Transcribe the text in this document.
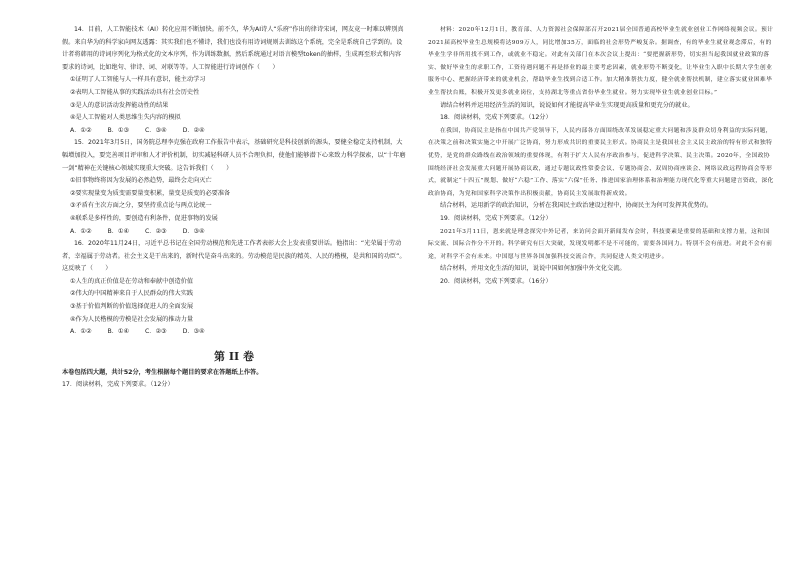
14．目前，人工智能技术（AI）转化应用不断加快。前不久，华为AI诗人“乐府”作出的律诗宋词，网友竟一时难以辨别真假。来自华为的科学家向网友透露：其实我们也不懂诗，我们也没有用诗词规则去训练这个系统，完全是系统自己学到的。设计者将韩用的诗词序列化为格式化的文本序列，作为训练数据，然后系统通过对语言模型token的抽样，生成再至形式和内容要求的诗词，比如绝句、律诗、词、对联等等。人工智能进行诗词创作（　　）

①证明了人工智能与人一样具有意识，能主动学习

②表明人工智能从事的实践活动具有社会历史性

③是人的意识活动发挥能动性的结果

④是人工智能对人类思维生失内容的模拟

A．①②	B．①③	C．③④	D．②④

15．2021年3月5日，国务院总理李克强在政府工作报告中表示，基础研究是科技创新的源头，要健全稳定支持机制，大幅增加投入，要完善项目评审和人才评价机制，切实减轻科研人员不合理负担，使他们能够潜下心来致力科学探索，以“十年磨一剑”精神在关键核心领域实现重大突破。这告诉我们（　　）

①旧事物终将因为发展的必然趋势，最终会走向灭亡

②要实现量变为质变需要量变积累，量变是质变的必要准备

③矛盾有主次方面之分，要坚持重点论与两点论统一

④联系是多样性的，要创造有利条件，促进事物的发展

A．①②	B．①④	C．②③	D．③④

16．2020年11月24日，习近平总书记在全国劳动模范和先进工作者表彰大会上发表重要讲话。他指出：“光荣属于劳动者，幸福属于劳动者。社会主义是干出来的，新时代是奋斗出来的。劳动模范是民族的精英、人民的楷模，是共和国的功臣”。这反映了（　　）

①人生的真正价值是在劳动和奉献中创造价值

②伟大的中国精神来自于人民群众的伟大实践

③基于价值判断的价值选择促进人的全面发展

④作为人民楷模的劳模是社会发展的推动力量

A．①②	B．①④	C．②③	D．③④

第 II 卷

本卷包括四大题，共计52分，考生根据每个题目的要求在答题纸上作答。

17．阅读材料，完成下列要求。（12分）

材料：2020年12月1日，教育部、人力资源社会保障部召开2021届全国普通高校毕业生就业创业工作网络视频会议。预计2021届高校毕业生总规模将达909万人，同比增加35万，面临的社会形势严峻复杂。据调查，有的毕业生就业观念滞后，有的毕业生学非所用找不到工作，或就业不稳定。对此有关部门在本次会议上提出：“要把握新形势，切实担当起我国就业政策的落实、做好毕业生的求职工作，工资待遇问题不再是择业的最主要考虑因素，就业形势不断变化，让毕业生入职中长期大学生创业服务中心、把握经济带来的就业机会，帮助毕业生找到合适工作。加大精准帮扶力度，健全就业帮扶机制，建立落实就业困难毕业生帮扶台账，积极开发更多就业岗位，支持湖北等重点省份毕业生就业。努力实现毕业生就业创业目标。”

请结合材料并运用经济生活的知识，说说如何才能提高毕业生实现更高质量和更充分的就业。

18．阅读材料，完成下列要求。（12分）

在我国，协商民主是指在中国共产党领导下，人民内部各方面围绕改革发展稳定重大问题和涉及群众切身利益的实际问题，在决策之前和决策实施之中开展广泛协商，努力形成共识的重要民主形式。协商民主是我国社会主义民主政治的特有形式和独特优势，是党的群众路线在政治领域的重要体现，有利于扩大人民有序政治参与，促进科学决策、民主决策。2020年，全国政协围绕经济社会发展重大问题开展协商议政，通过专题议政性常委会议、专题协商会、双周协商座谈会、网络议政远程协商会等形式，就制定“十四五”规划、做好“六稳”工作、落实“六保”任务、推进国家治理体系和治理能力现代化等重大问题建言资政，深化政治协商，为党和国家科学决策作出积极贡献，协商民主发展取得新成效。

结合材料，运用新学的政治知识，分析在我国民主政治建设过程中，协商民主为何可发挥其优势的。

19．阅读材料，完成下列要求。（12分）

2021年3月11日，恩来就是理念探究中外记者，来访问会面开新闻发布会时，科技要素是重要的基础和支撑力量，这和国际交流、国际合作分不开的。科学研究有巨大突破，发现发明都不是不可能的，需要各国同力。特别不会有前进。对此不会有前途，对科学不会有未来。中国愿与世界各国加强科技交流合作，共同促进人类文明进步。

结合材料，并用文化生活的知识，说说中国如何加强中外文化交流。

20．阅读材料，完成下列要求。（16分）
